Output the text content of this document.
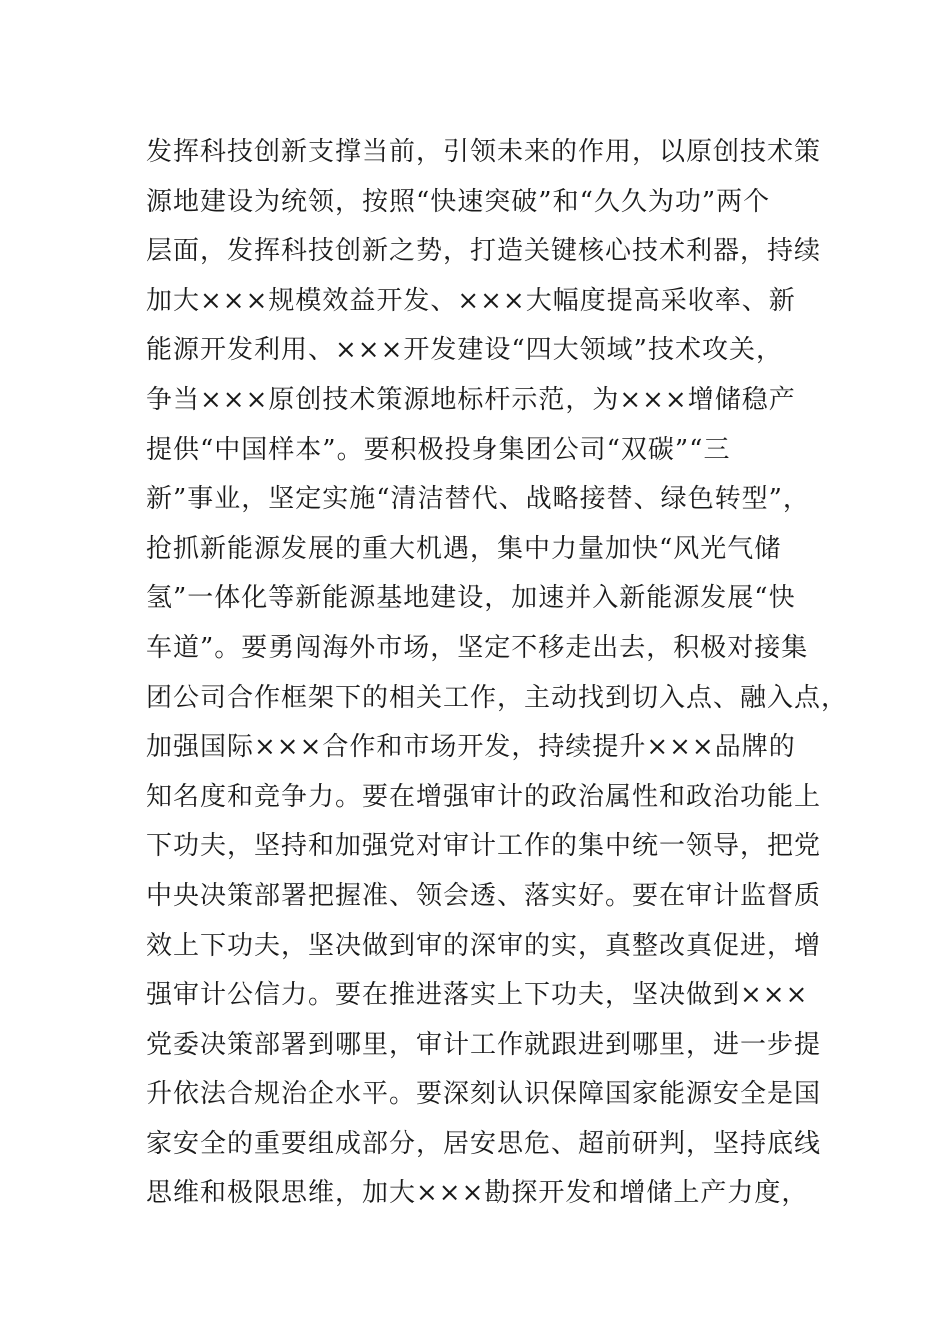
发挥科技创新支撑当前，引领未来的作用，以原创技术策
源地建设为统领，按照“快速突破”和“久久为功”两个
层面，发挥科技创新之势，打造关键核心技术利器，持续
加大×××规模效益开发、×××大幅度提高采收率、新
能源开发利用、×××开发建设“四大领域”技术攻关，
争当×××原创技术策源地标杆示范，为×××增储稳产
提供“中国样本”。要积极投身集团公司“双碳”“三
新”事业，坚定实施“清洁替代、战略接替、绿色转型”，
抢抓新能源发展的重大机遇，集中力量加快“风光气储
氢”一体化等新能源基地建设，加速并入新能源发展“快
车道”。要勇闯海外市场，坚定不移走出去，积极对接集
团公司合作框架下的相关工作，主动找到切入点、融入点，
加强国际×××合作和市场开发，持续提升×××品牌的
知名度和竞争力。要在增强审计的政治属性和政治功能上
下功夫，坚持和加强党对审计工作的集中统一领导，把党
中央决策部署把握准、领会透、落实好。要在审计监督质
效上下功夫，坚决做到审的深审的实，真整改真促进，增
强审计公信力。要在推进落实上下功夫，坚决做到×××
党委决策部署到哪里，审计工作就跟进到哪里，进一步提
升依法合规治企水平。要深刻认识保障国家能源安全是国
家安全的重要组成部分，居安思危、超前研判，坚持底线
思维和极限思维，加大×××勘探开发和增储上产力度，
